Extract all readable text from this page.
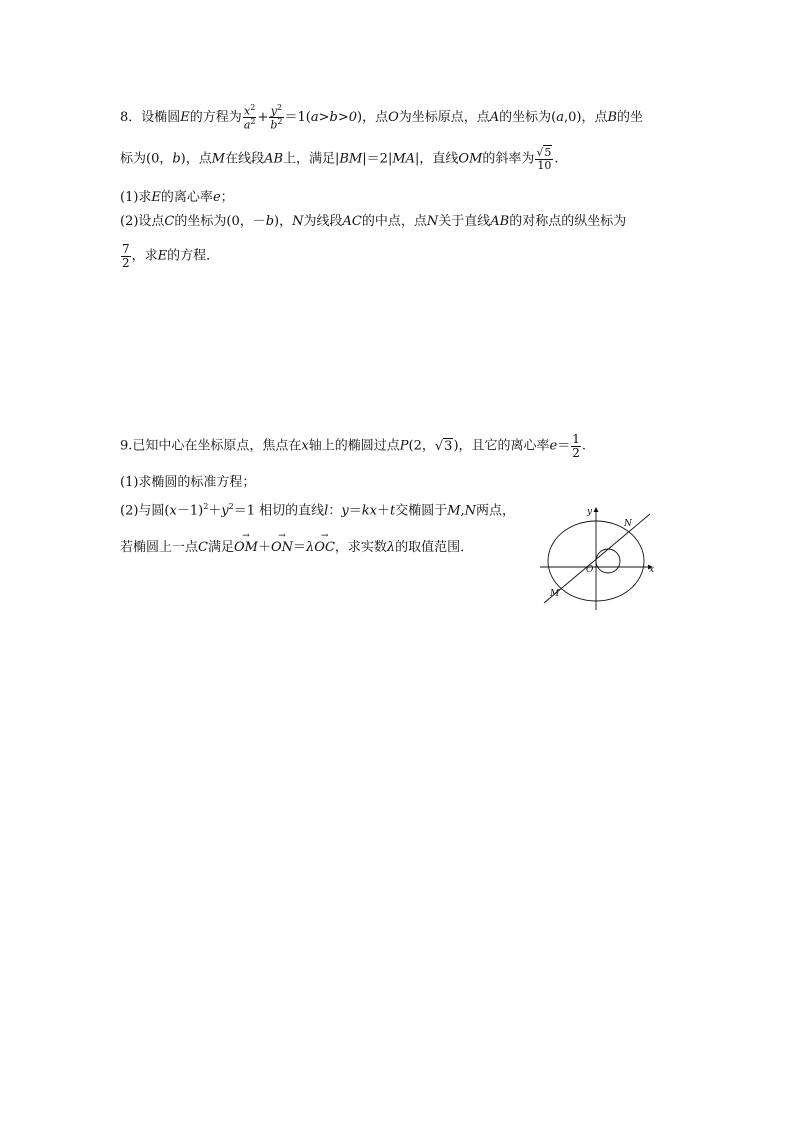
8．设椭圆E的方程为 $\frac{x^2}{a^2} + \frac{y^2}{b^2} =1(a>b>0)$，点O为坐标原点，点A的坐标为(a,0)，点B的坐
标为(0，b)，点M在线段AB上，满足|BM|＝2|MA|，直线OM的斜率为 $\frac{√5}{10}$ .
(1)求E的离心率e；
(2)设点C的坐标为(0，－b)，N为线段AC的中点，点N关于直线AB的对称点的纵坐标为
$\frac{7}{2}$ ，求E的方程．
9.已知中心在坐标原点，焦点在x轴上的椭圆过点P(2，√3)，且它的离心率$e= \frac{1}{2}$ .
(1)求椭圆的标准方程；
(2)与圆$(x-1)^2+y^2=1$ 相切的直线l：y＝kx＋t交椭圆于M,N两点，
若椭圆上一点C满足
→
OM＋
→
ON＝λ
→
OC，求实数λ的取值范围．
y
x
O
N
M
